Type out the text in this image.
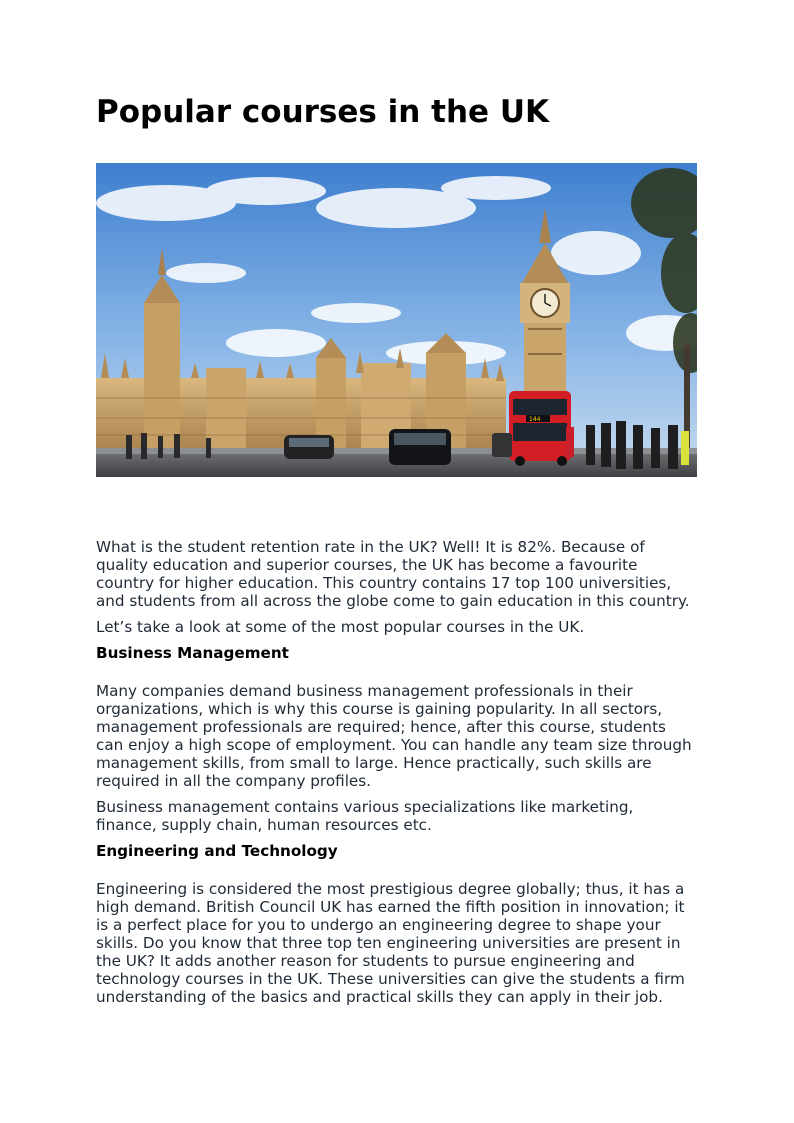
Popular courses in the UK
144

What is the student retention rate in the UK? Well! It is 82%. Because of quality education and superior courses, the UK has become a favourite country for higher education. This country contains 17 top 100 universities, and students from all across the globe come to gain education in this country.

Let’s take a look at some of the most popular courses in the UK.

Business Management

Many companies demand business management professionals in their organizations, which is why this course is gaining popularity. In all sectors, management professionals are required; hence, after this course, students can enjoy a high scope of employment. You can handle any team size through management skills, from small to large. Hence practically, such skills are required in all the company profiles.

Business management contains various specializations like marketing, finance, supply chain, human resources etc.

Engineering and Technology

Engineering is considered the most prestigious degree globally; thus, it has a high demand. British Council UK has earned the fifth position in innovation; it is a perfect place for you to undergo an engineering degree to shape your skills. Do you know that three top ten engineering universities are present in the UK? It adds another reason for students to pursue engineering and technology courses in the UK. These universities can give the students a firm understanding of the basics and practical skills they can apply in their job.
